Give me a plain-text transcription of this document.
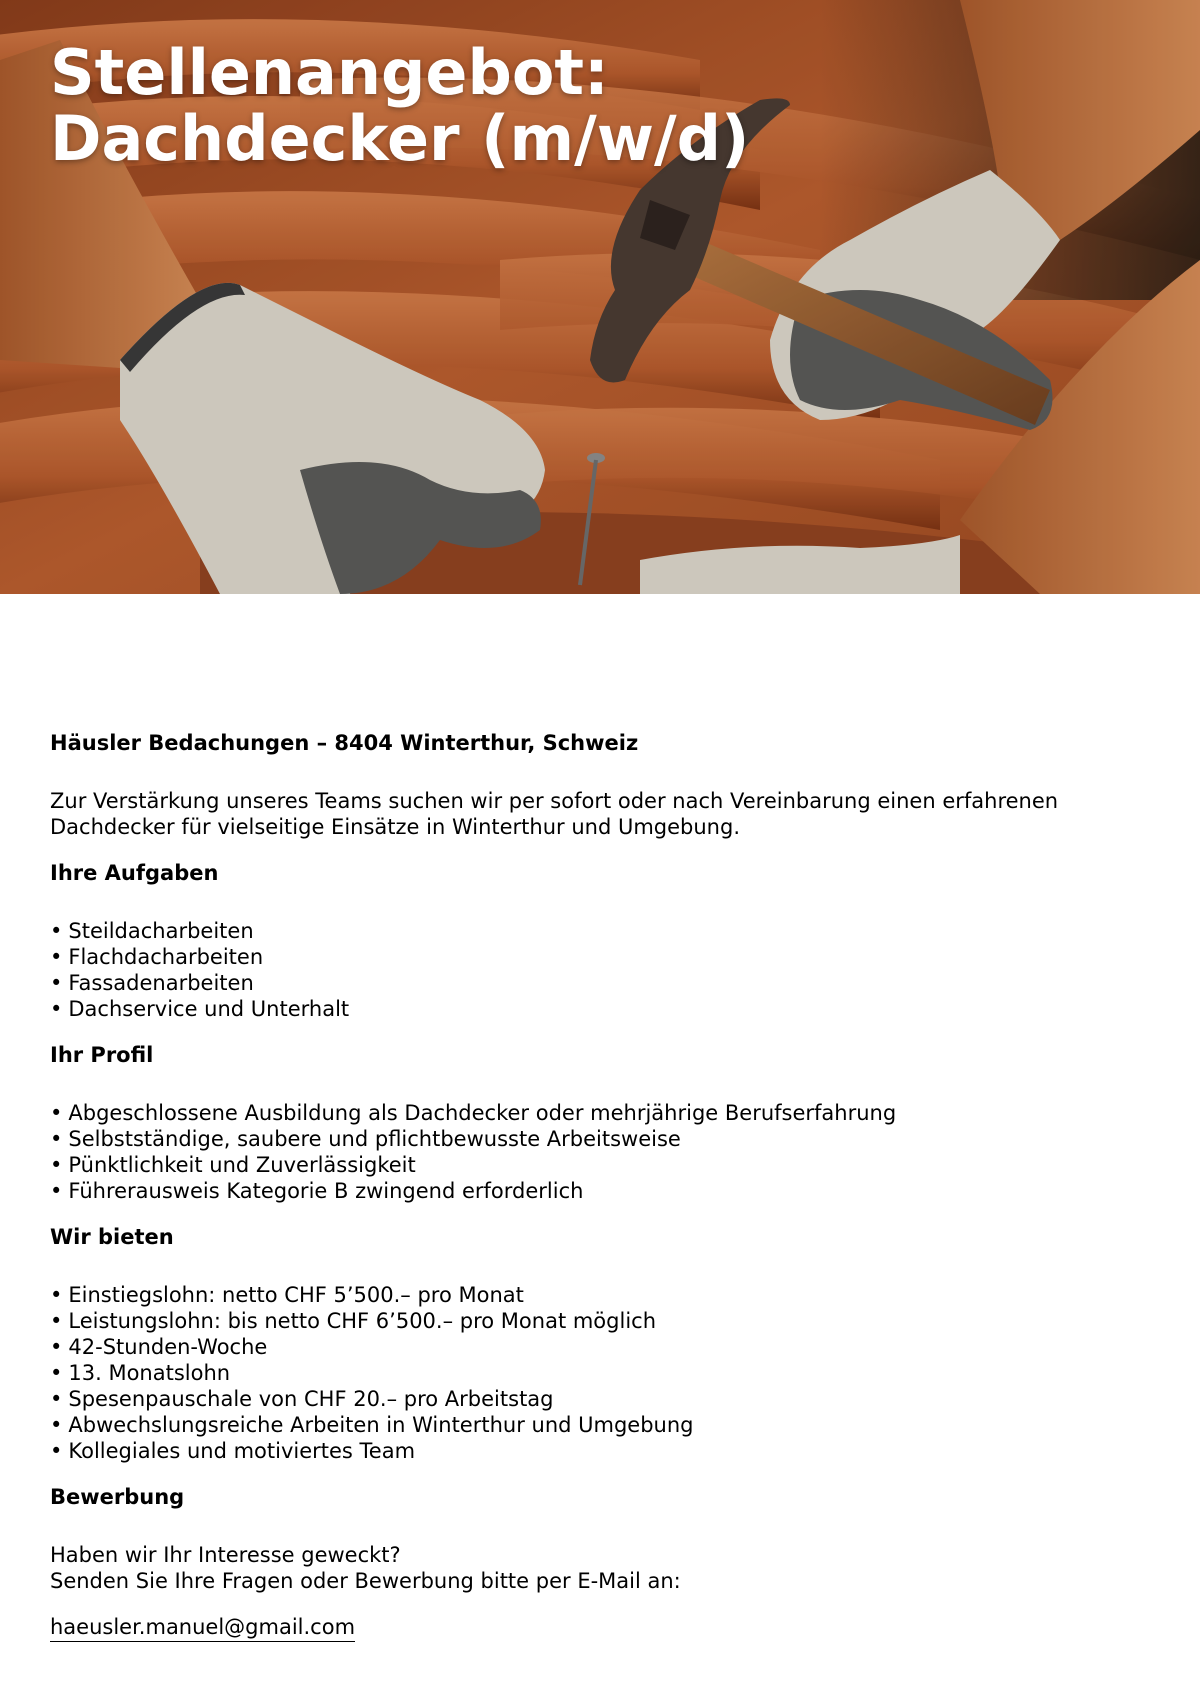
Stellenangebot:
Dachdecker (m/w/d)

Häusler Bedachungen – 8404 Winterthur, Schweiz

Zur Verstärkung unseres Teams suchen wir per sofort oder nach Vereinbarung einen erfahrenen
Dachdecker für vielseitige Einsätze in Winterthur und Umgebung.

Ihre Aufgaben

• Steildacharbeiten
• Flachdacharbeiten
• Fassadenarbeiten
• Dachservice und Unterhalt

Ihr Profil

• Abgeschlossene Ausbildung als Dachdecker oder mehrjährige Berufserfahrung
• Selbstständige, saubere und pflichtbewusste Arbeitsweise
• Pünktlichkeit und Zuverlässigkeit
• Führerausweis Kategorie B zwingend erforderlich

Wir bieten

• Einstiegslohn: netto CHF 5’500.– pro Monat
• Leistungslohn: bis netto CHF 6’500.– pro Monat möglich
• 42-Stunden-Woche
• 13. Monatslohn
• Spesenpauschale von CHF 20.– pro Arbeitstag
• Abwechslungsreiche Arbeiten in Winterthur und Umgebung
• Kollegiales und motiviertes Team

Bewerbung

Haben wir Ihr Interesse geweckt?
Senden Sie Ihre Fragen oder Bewerbung bitte per E-Mail an:

haeusler.manuel@gmail.com
